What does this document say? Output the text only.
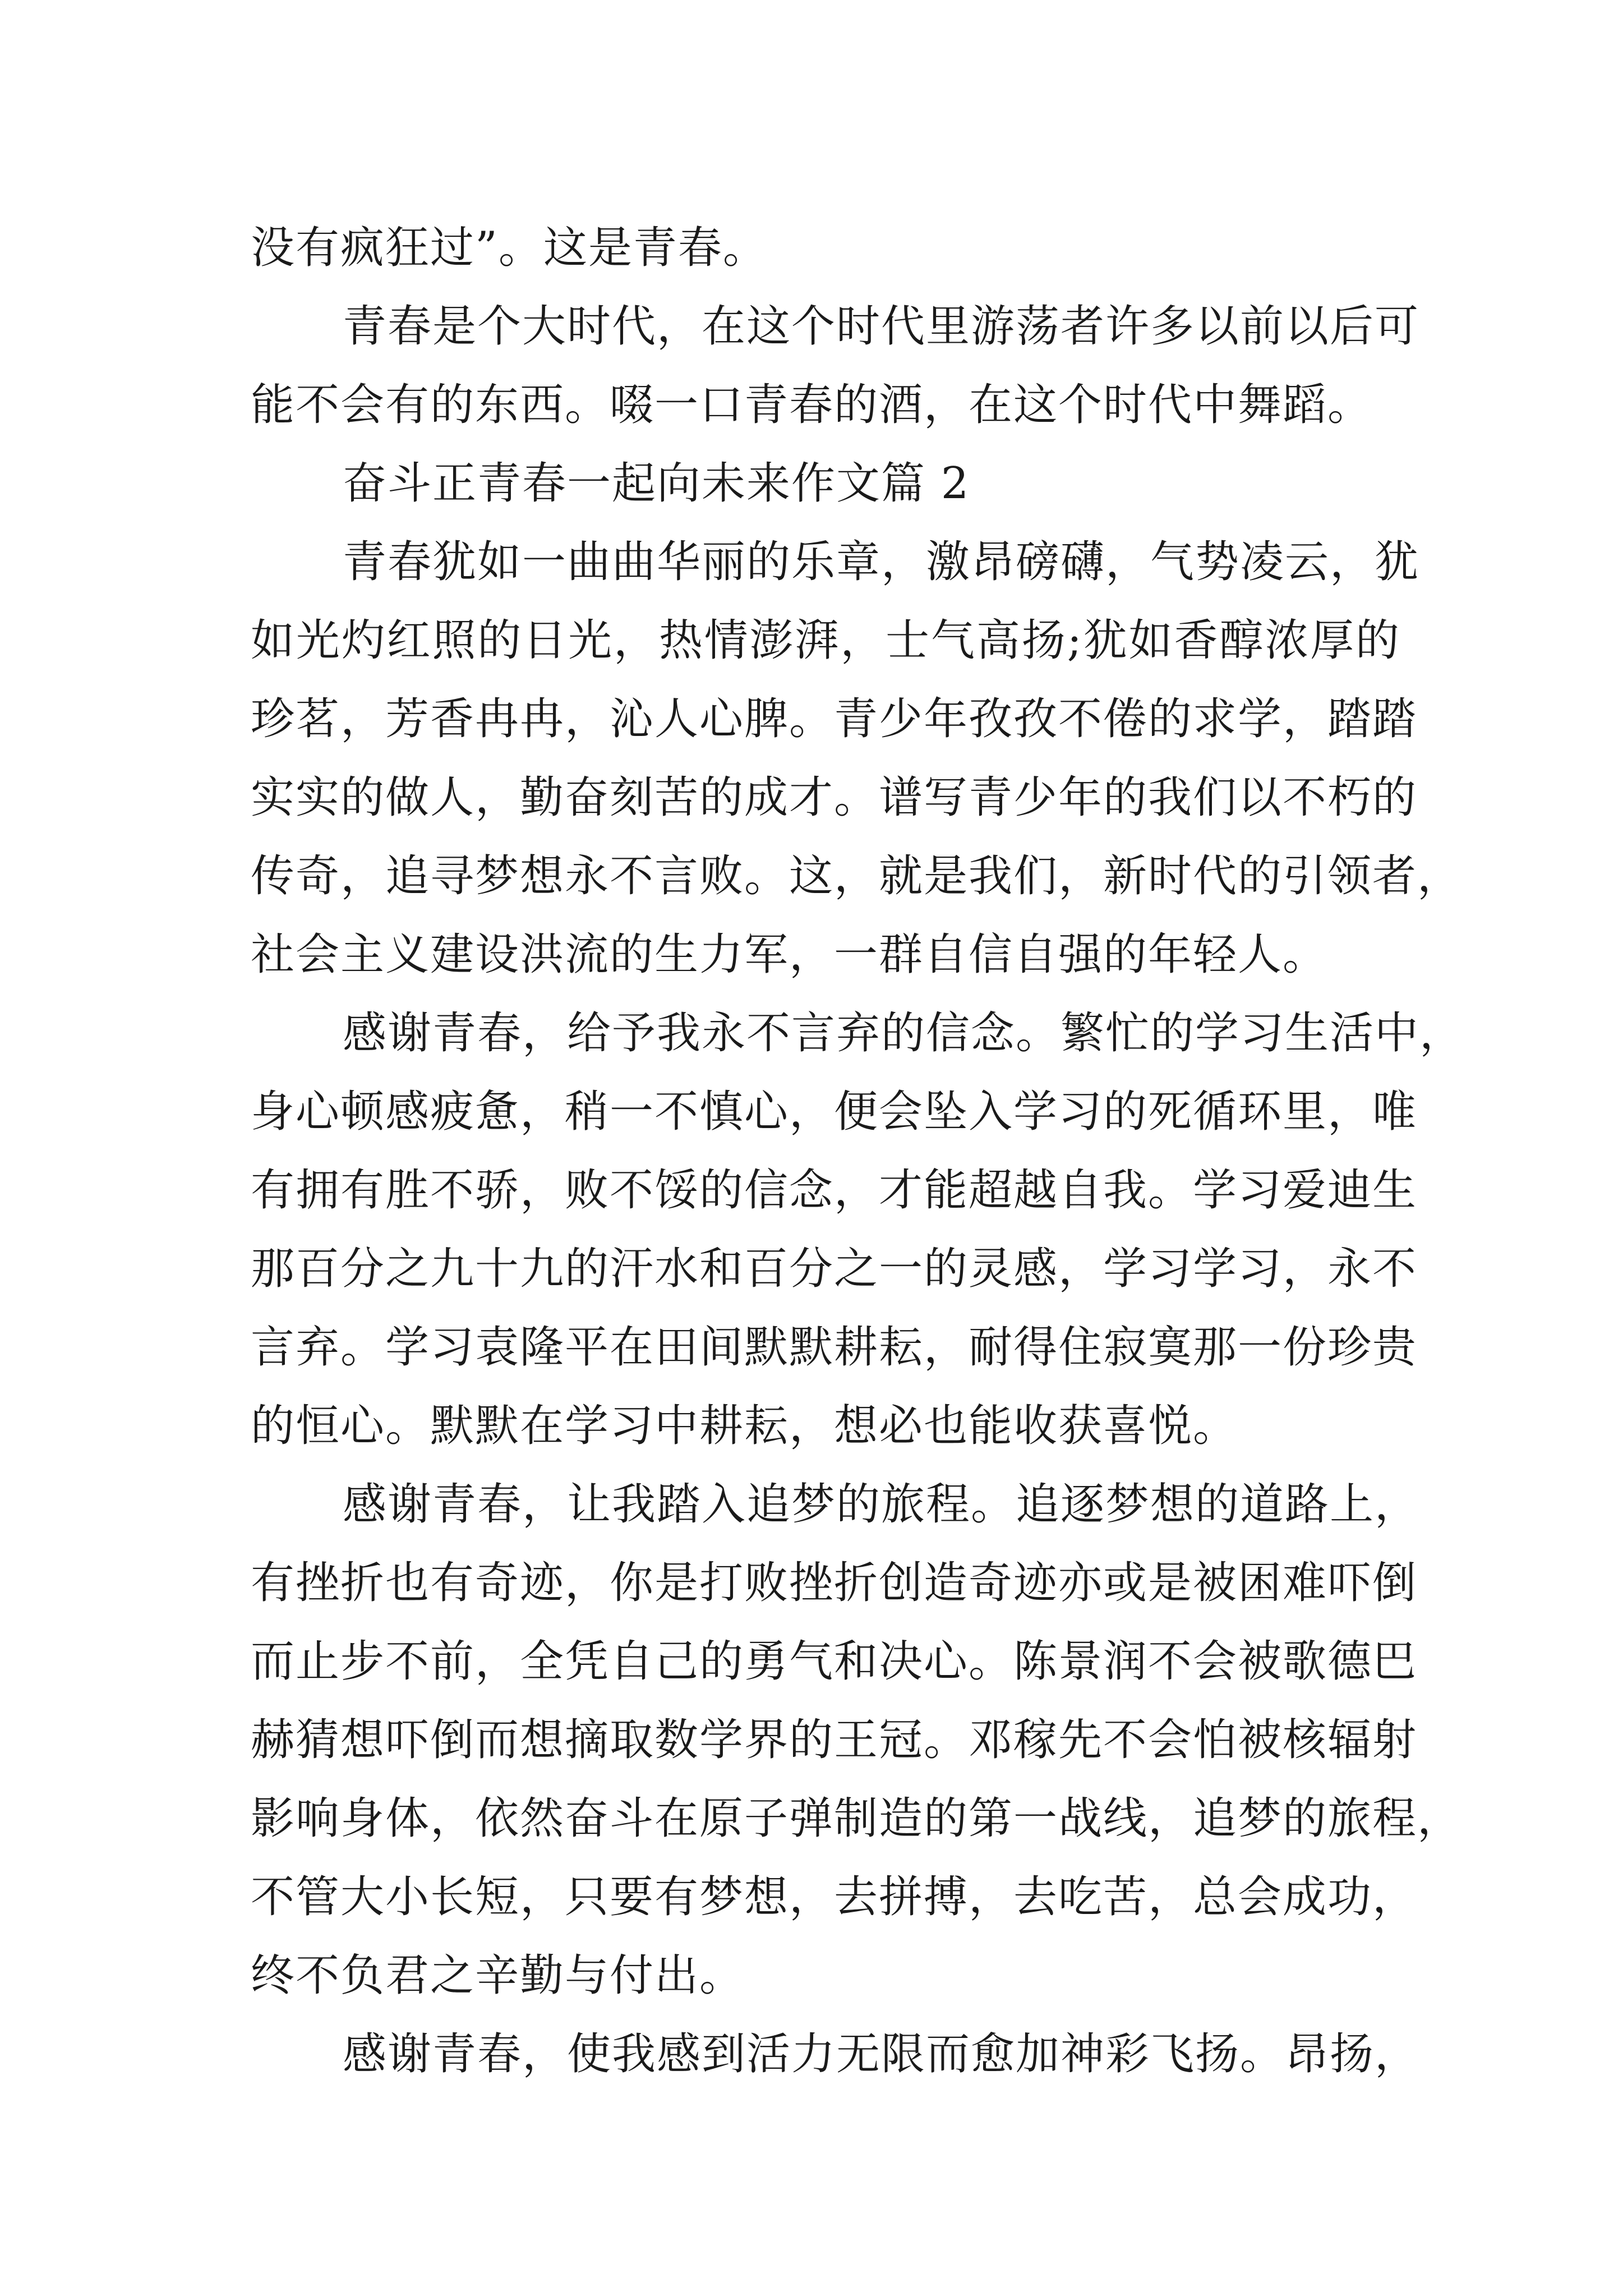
没有疯狂过”。这是青春。
青春是个大时代，在这个时代里游荡者许多以前以后可
能不会有的东西。啜一口青春的酒，在这个时代中舞蹈。
奋斗正青春一起向未来作文篇 2
青春犹如一曲曲华丽的乐章，激昂磅礴，气势凌云，犹
如光灼红照的日光，热情澎湃，士气高扬;犹如香醇浓厚的
珍茗，芳香冉冉，沁人心脾。青少年孜孜不倦的求学，踏踏
实实的做人，勤奋刻苦的成才。谱写青少年的我们以不朽的
传奇，追寻梦想永不言败。这，就是我们，新时代的引领者，
社会主义建设洪流的生力军，一群自信自强的年轻人。
感谢青春，给予我永不言弃的信念。繁忙的学习生活中，
身心顿感疲惫，稍一不慎心，便会坠入学习的死循环里，唯
有拥有胜不骄，败不馁的信念，才能超越自我。学习爱迪生
那百分之九十九的汗水和百分之一的灵感，学习学习，永不
言弃。学习袁隆平在田间默默耕耘，耐得住寂寞那一份珍贵
的恒心。默默在学习中耕耘，想必也能收获喜悦。
感谢青春，让我踏入追梦的旅程。追逐梦想的道路上，
有挫折也有奇迹，你是打败挫折创造奇迹亦或是被困难吓倒
而止步不前，全凭自己的勇气和决心。陈景润不会被歌德巴
赫猜想吓倒而想摘取数学界的王冠。邓稼先不会怕被核辐射
影响身体，依然奋斗在原子弹制造的第一战线，追梦的旅程，
不管大小长短，只要有梦想，去拼搏，去吃苦，总会成功，
终不负君之辛勤与付出。
感谢青春，使我感到活力无限而愈加神彩飞扬。昂扬，
